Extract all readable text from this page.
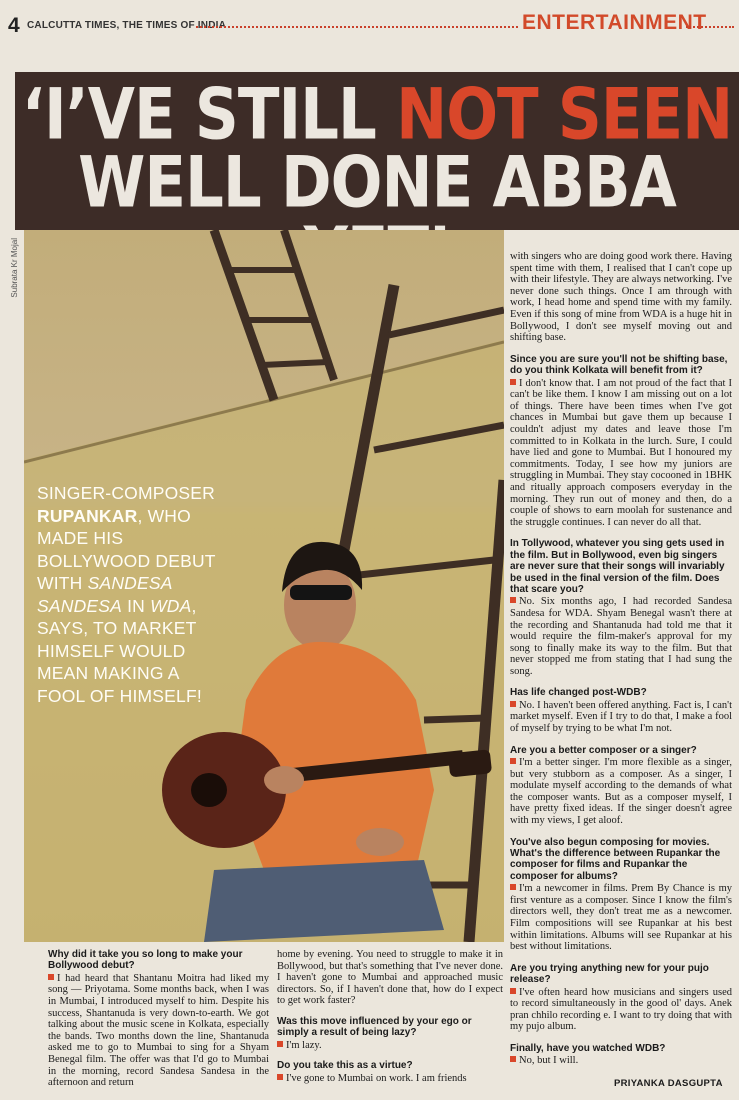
4 CALCUTTA TIMES, THE TIMES OF INDIA	ENTERTAINMENT
‘I’VE STILL NOT SEEN
WELL DONE ABBA
Subrata Kr Mojal
SINGER-COMPOSER RUPANKAR, WHO MADE HIS BOLLYWOOD DEBUT WITH SANDESA SANDESA IN WDA, SAYS, TO MARKET HIMSELF WOULD MEAN MAKING A FOOL OF HIMSELF!

with singers who are doing good work there. Having spent time with them, I realised that I can't cope up with their lifestyle. They are always networking. I've never done such things. Once I am through with work, I head home and spend time with my family. Even if this song of mine from WDA is a huge hit in Bollywood, I don't see myself moving out and shifting base.

Since you are sure you'll not be shifting base, do you think Kolkata will benefit from it?
I don't know that. I am not proud of the fact that I can't be like them. I know I am missing out on a lot of things. There have been times when I've got chances in Mumbai but gave them up because I couldn't adjust my dates and leave those I'm committed to in Kolkata in the lurch. Sure, I could have lied and gone to Mumbai. But I honoured my commitments. Today, I see how my juniors are struggling in Mumbai. They stay cocooned in 1BHK and ritually approach composers everyday in the morning. They run out of money and then, do a couple of shows to earn moolah for sustenance and the struggle continues. I can never do all that.

In Tollywood, whatever you sing gets used in the film. But in Bollywood, even big singers are never sure that their songs will invariably be used in the final version of the film. Does that scare you?
No. Six months ago, I had recorded Sandesa Sandesa for WDA. Shyam Benegal wasn't there at the recording and Shantanuda had told me that it would require the film-maker's approval for my song to finally make its way to the film. But that never stopped me from stating that I had sung the song.

Has life changed post-WDB?
No. I haven't been offered anything. Fact is, I can't market myself. Even if I try to do that, I make a fool of myself by trying to be what I'm not.

Are you a better composer or a singer?
I'm a better singer. I'm more flexible as a singer, but very stubborn as a composer. As a singer, I modulate myself according to the demands of what the composer wants. But as a composer myself, I have pretty fixed ideas. If the singer doesn't agree with my views, I get aloof.

You've also begun composing for movies. What's the difference between Rupankar the composer for films and Rupankar the composer for albums?
I'm a newcomer in films. Prem By Chance is my first venture as a composer. Since I know the film's directors well, they don't treat me as a newcomer. Film compositions will see Rupankar at his best within limitations. Albums will see Rupankar at his best without limitations.

Are you trying anything new for your pujo release?
I've often heard how musicians and singers used to record simultaneously in the good ol' days. Anek pran chhilo recording e. I want to try doing that with my pujo album.

Finally, have you watched WDB?
No, but I will.

PRIYANKA DASGUPTA

Why did it take you so long to make your Bollywood debut?
I had heard that Shantanu Moitra had liked my song — Priyotama. Some months back, when I was in Mumbai, I introduced myself to him. Despite his success, Shantanuda is very down-to-earth. We got talking about the music scene in Kolkata, especially the bands. Two months down the line, Shantanuda asked me to go to Mumbai to sing for a Shyam Benegal film. The offer was that I'd go to Mumbai in the morning, record Sandesa Sandesa in the afternoon and return

home by evening. You need to struggle to make it in Bollywood, but that's something that I've never done. I haven't gone to Mumbai and approached music directors. So, if I haven't done that, how do I expect to get work faster?

Was this move influenced by your ego or simply a result of being lazy?
I'm lazy.

Do you take this as a virtue?
I've gone to Mumbai on work. I am friends
